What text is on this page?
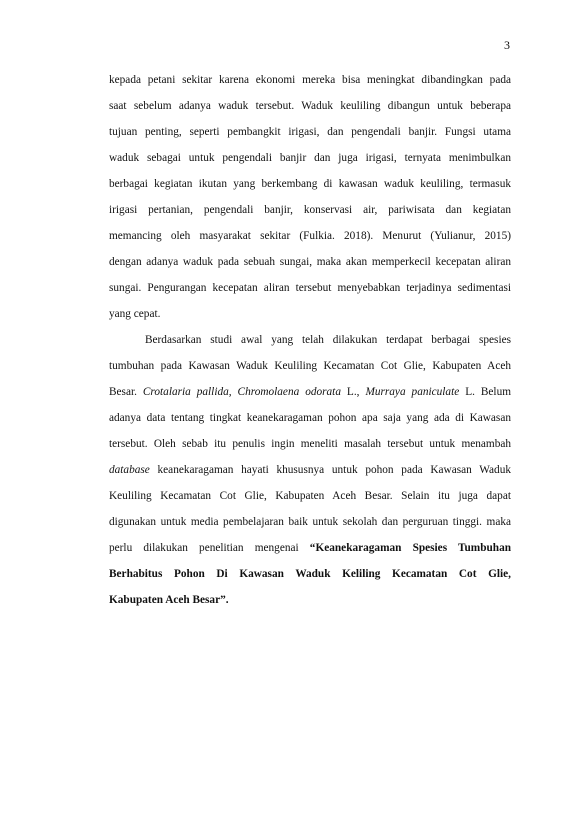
3
kepada petani sekitar karena ekonomi mereka bisa meningkat dibandingkan pada
saat sebelum adanya waduk tersebut. Waduk keuliling dibangun untuk beberapa
tujuan penting, seperti pembangkit irigasi, dan pengendali banjir. Fungsi utama
waduk sebagai untuk pengendali banjir dan juga irigasi, ternyata menimbulkan
berbagai kegiatan ikutan yang berkembang di kawasan waduk keuliling, termasuk
irigasi pertanian, pengendali banjir, konservasi air, pariwisata dan kegiatan
memancing oleh masyarakat sekitar (Fulkia. 2018). Menurut (Yulianur, 2015)
dengan adanya waduk pada sebuah sungai, maka akan memperkecil kecepatan aliran
sungai. Pengurangan kecepatan aliran tersebut menyebabkan terjadinya sedimentasi
yang cepat.
Berdasarkan studi awal yang telah dilakukan terdapat berbagai spesies
tumbuhan pada Kawasan Waduk Keuliling Kecamatan Cot Glie, Kabupaten Aceh
Besar. Crotalaria pallida, Chromolaena odorata L., Murraya paniculate L. Belum
adanya data tentang tingkat keanekaragaman pohon apa saja yang ada di Kawasan
tersebut. Oleh sebab itu penulis ingin meneliti masalah tersebut untuk menambah
database keanekaragaman hayati khususnya untuk pohon pada Kawasan Waduk
Keuliling Kecamatan Cot Glie, Kabupaten Aceh Besar. Selain itu juga dapat
digunakan untuk media pembelajaran baik untuk sekolah dan perguruan tinggi. maka
perlu dilakukan penelitian mengenai “Keanekaragaman Spesies Tumbuhan
Berhabitus Pohon Di Kawasan Waduk Keliling Kecamatan Cot Glie,
Kabupaten Aceh Besar”.
